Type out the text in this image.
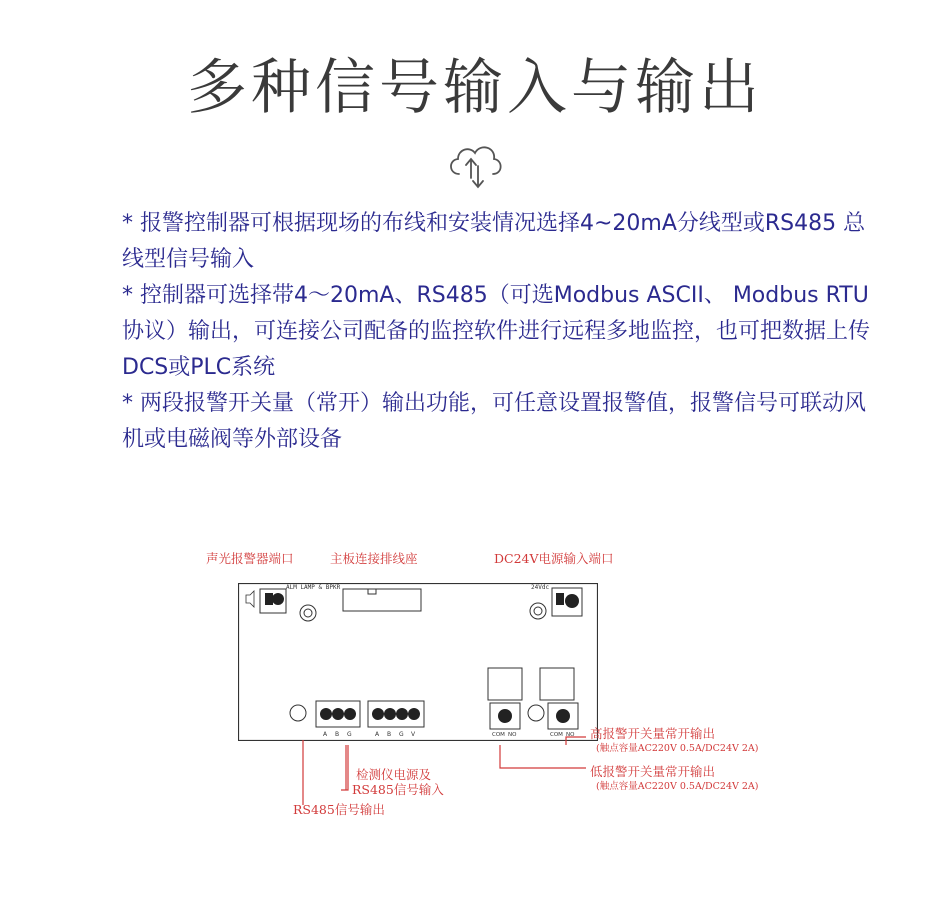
多种信号输入与输出

* 报警控制器可根据现场的布线和安装情况选择4~20mA分线型或RS485 总线型信号输入

* 控制器可选择带4～20mA、RS485（可选Modbus ASCII、 Modbus RTU协议）输出，可连接公司配备的监控软件进行远程多地监控，也可把数据上传DCS或PLC系统

* 两段报警开关量（常开）输出功能，可任意设置报警值，报警信号可联动风机或电磁阀等外部设备

ALM LAMP & BPKR	24Vdc
A B G	A B G V	COM NO	COM NO
声光报警器端口	主板连接排线座	DC24V电源输入端口
高报警开关量常开输出
(触点容量AC220V 0.5A/DC24V 2A)
低报警开关量常开输出
(触点容量AC220V 0.5A/DC24V 2A)
检测仪电源及
RS485信号输入
RS485信号输出
